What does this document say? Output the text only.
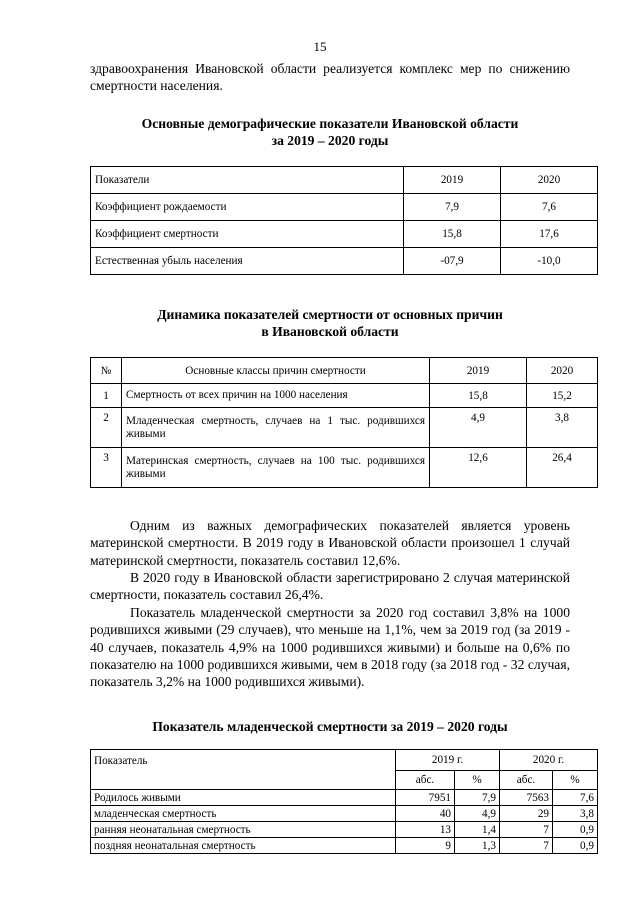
15

здравоохранения Ивановской области реализуется комплекс мер по снижению смертности населения.

Основные демографические показатели Ивановской области
за 2019 – 2020 годы
Показатели	2019	2020
Коэффициент рождаемости	7,9	7,6
Коэффициент смертности	15,8	17,6
Естественная убыль населения	-07,9	-10,0
Динамика показателей смертности от основных причин
в Ивановской области
№	Основные классы причин смертности	2019	2020
1	Смертность от всех причин на 1000 населения	15,8	15,2
2	Младенческая смертность, случаев на 1 тыс. родившихся живыми	4,9	3,8
3	Материнская смертность, случаев на 100 тыс. родившихся живыми	12,6	26,4

Одним из важных демографических показателей является уровень материнской смертности. В 2019 году в Ивановской области произошел 1 случай материнской смертности, показатель составил 12,6%.

В 2020 году в Ивановской области зарегистрировано 2 случая материнской смертности, показатель составил 26,4%.

Показатель младенческой смертности за 2020 год составил 3,8% на 1000 родившихся живыми (29 случаев), что меньше на 1,1%, чем за 2019 год (за 2019 - 40 случаев, показатель 4,9% на 1000 родившихся живыми) и больше на 0,6% по показателю на 1000 родившихся живыми, чем в 2018 году (за 2018 год - 32 случая, показатель 3,2% на 1000 родившихся живыми).

Показатель младенческой смертности за 2019 – 2020 годы
Показатель	2019 г.		2020 г.	
	абс.	%	абс.	%
Родилось живыми	7951	7,9	7563	7,6
младенческая смертность	40	4,9	29	3,8
ранняя неонатальная смертность	13	1,4	7	0,9
поздняя неонатальная смертность	9	1,3	7	0,9
